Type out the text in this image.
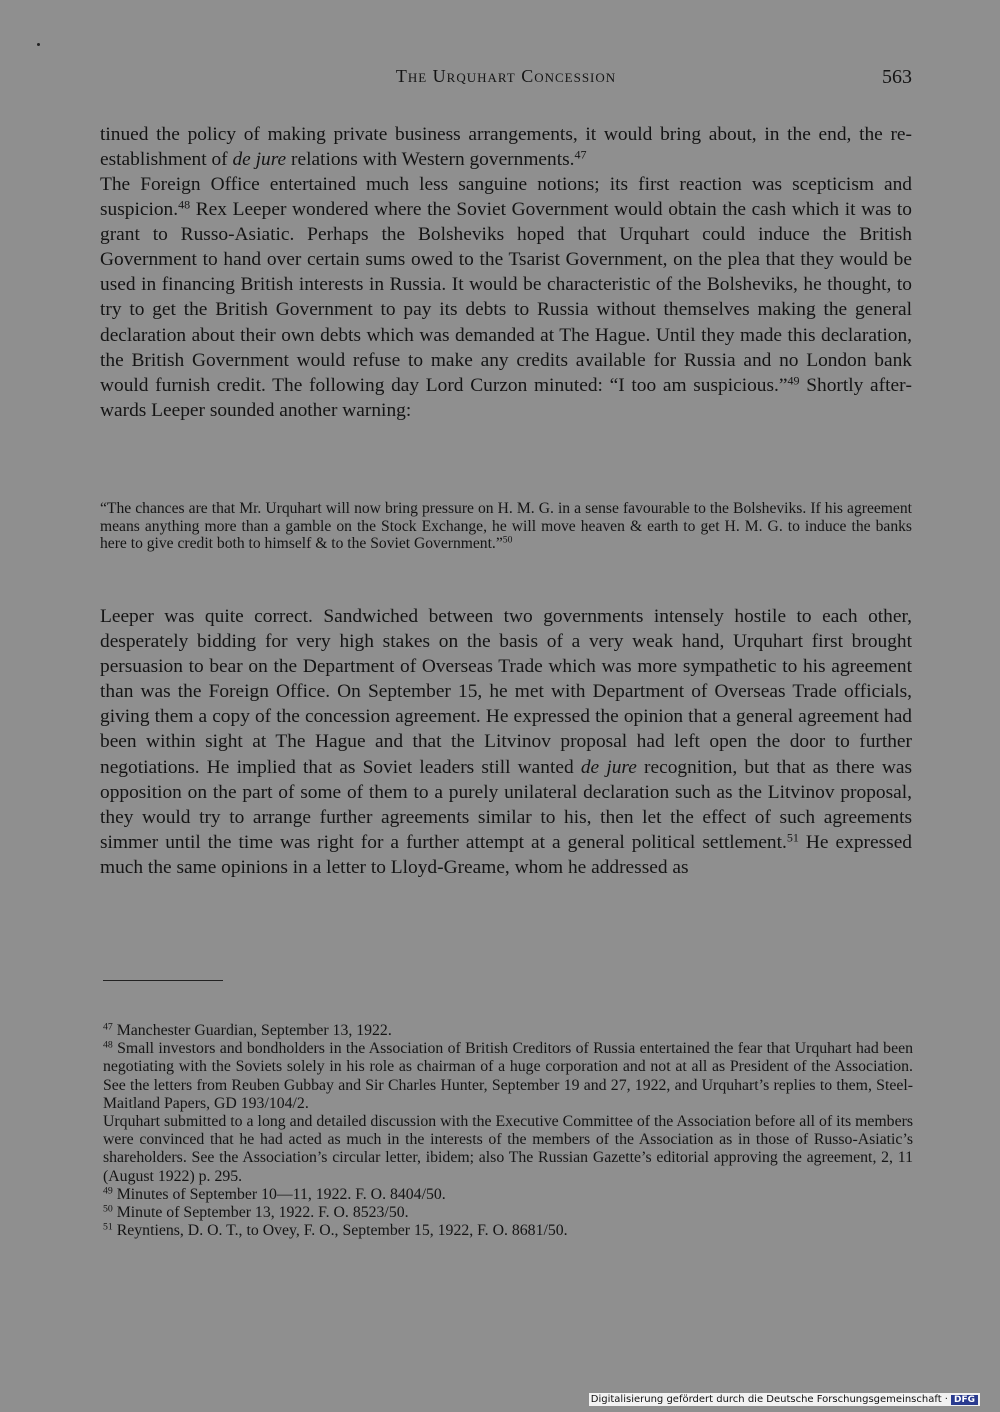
The Urquhart Concession	563

tinued the policy of making private business arrangements, it would bring about, in the end, the re-establishment of de jure relations with Western governments.$^{47}$

The Foreign Office entertained much less sanguine notions; its first reaction was scepticism and suspicion.$^{48}$ Rex Leeper wondered where the Soviet Government would obtain the cash which it was to grant to Russo-Asiatic. Perhaps the Bolsheviks hoped that Urquhart could induce the British Government to hand over certain sums owed to the Tsarist Government, on the plea that they would be used in financing British interests in Russia. It would be characteristic of the Bolsheviks, he thought, to try to get the British Government to pay its debts to Russia without themselves making the general declaration about their own debts which was demanded at The Hague. Until they made this declaration, the British Government would refuse to make any credits available for Russia and no London bank would furnish credit. The following day Lord Curzon minuted: “I too am suspicious.”$^{49}$ Shortly afterwards Leeper sounded another warning:

“The chances are that Mr. Urquhart will now bring pressure on H. M. G. in a sense favourable to the Bolsheviks. If his agreement means anything more than a gamble on the Stock Exchange, he will move heaven & earth to get H. M. G. to induce the banks here to give credit both to himself & to the Soviet Government.”$^{50}$

Leeper was quite correct. Sandwiched between two governments intensely hostile to each other, desperately bidding for very high stakes on the basis of a very weak hand, Urquhart first brought persuasion to bear on the Department of Overseas Trade which was more sympathetic to his agreement than was the Foreign Office. On September 15, he met with Department of Overseas Trade officials, giving them a copy of the concession agreement. He expressed the opinion that a general agreement had been within sight at The Hague and that the Litvinov proposal had left open the door to further negotiations. He implied that as Soviet leaders still wanted de jure recognition, but that as there was opposition on the part of some of them to a purely unilateral declaration such as the Litvinov proposal, they would try to arrange further agreements similar to his, then let the effect of such agreements simmer until the time was right for a further attempt at a general political settlement.$^{51}$ He expressed much the same opinions in a letter to Lloyd-Greame, whom he addressed as

$^{47}$ Manchester Guardian, September 13, 1922.

$^{48}$ Small investors and bondholders in the Association of British Creditors of Russia entertained the fear that Urquhart had been negotiating with the Soviets solely in his role as chairman of a huge corporation and not at all as President of the Association. See the letters from Reuben Gubbay and Sir Charles Hunter, September 19 and 27, 1922, and Urquhart’s replies to them, Steel-Maitland Papers, GD 193/104/2.

Urquhart submitted to a long and detailed discussion with the Executive Committee of the Association before all of its members were convinced that he had acted as much in the interests of the members of the Association as in those of Russo-Asiatic’s shareholders. See the Association’s circular letter, ibidem; also The Russian Gazette’s editorial approving the agreement, 2, 11 (August 1922) p. 295.

$^{49}$ Minutes of September 10—11, 1922. F. O. 8404/50.

$^{50}$ Minute of September 13, 1922. F. O. 8523/50.

$^{51}$ Reyntiens, D. O. T., to Ovey, F. O., September 15, 1922, F. O. 8681/50.

Digitalisierung gefördert durch die Deutsche Forschungsgemeinschaft · DFG
